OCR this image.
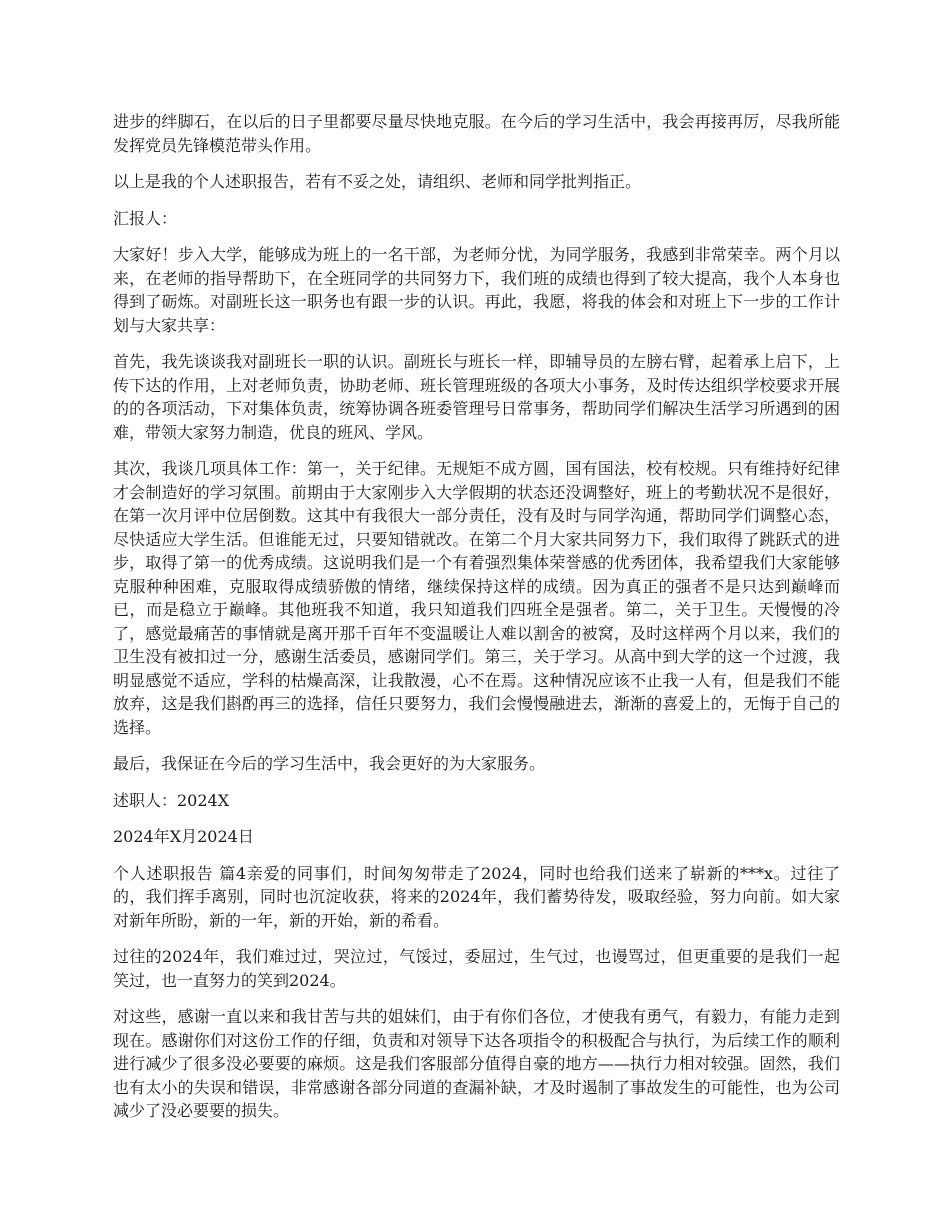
进步的绊脚石，在以后的日子里都要尽量尽快地克服。在今后的学习生活中，我会再接再厉，尽我所能发挥党员先锋模范带头作用。

以上是我的个人述职报告，若有不妥之处，请组织、老师和同学批判指正。

汇报人：

大家好！步入大学，能够成为班上的一名干部，为老师分忧，为同学服务，我感到非常荣幸。两个月以来，在老师的指导帮助下，在全班同学的共同努力下，我们班的成绩也得到了较大提高，我个人本身也得到了砺炼。对副班长这一职务也有跟一步的认识。再此，我愿，将我的体会和对班上下一步的工作计划与大家共享：

首先，我先谈谈我对副班长一职的认识。副班长与班长一样，即辅导员的左膀右臂，起着承上启下，上传下达的作用，上对老师负责，协助老师、班长管理班级的各项大小事务，及时传达组织学校要求开展的的各项活动，下对集体负责，统筹协调各班委管理号日常事务，帮助同学们解决生活学习所遇到的困难，带领大家努力制造，优良的班风、学风。

其次，我谈几项具体工作：第一，关于纪律。无规矩不成方圆，国有国法，校有校规。只有维持好纪律才会制造好的学习氛围。前期由于大家刚步入大学假期的状态还没调整好，班上的考勤状况不是很好，在第一次月评中位居倒数。这其中有我很大一部分责任，没有及时与同学沟通，帮助同学们调整心态，尽快适应大学生活。但谁能无过，只要知错就改。在第二个月大家共同努力下，我们取得了跳跃式的进步，取得了第一的优秀成绩。这说明我们是一个有着强烈集体荣誉感的优秀团体，我希望我们大家能够克服种种困难，克服取得成绩骄傲的情绪，继续保持这样的成绩。因为真正的强者不是只达到巅峰而已，而是稳立于巅峰。其他班我不知道，我只知道我们四班全是强者。第二，关于卫生。天慢慢的冷了，感觉最痛苦的事情就是离开那千百年不变温暖让人难以割舍的被窝，及时这样两个月以来，我们的卫生没有被扣过一分，感谢生活委员，感谢同学们。第三，关于学习。从高中到大学的这一个过渡，我明显感觉不适应，学科的枯燥高深，让我散漫，心不在焉。这种情况应该不止我一人有，但是我们不能放弃，这是我们斟酌再三的选择，信任只要努力，我们会慢慢融进去，渐渐的喜爱上的，无悔于自己的选择。

最后，我保证在今后的学习生活中，我会更好的为大家服务。

述职人：2024X

2024年X月2024日

个人述职报告 篇4亲爱的同事们，时间匆匆带走了2024，同时也给我们送来了崭新的***x。过往了的，我们挥手离别，同时也沉淀收获，将来的2024年，我们蓄势待发，吸取经验，努力向前。如大家对新年所盼，新的一年，新的开始，新的希看。

过往的2024年，我们难过过，哭泣过，气馁过，委屈过，生气过，也谩骂过，但更重要的是我们一起笑过，也一直努力的笑到2024。

对这些，感谢一直以来和我甘苦与共的姐妹们，由于有你们各位，才使我有勇气，有毅力，有能力走到现在。感谢你们对这份工作的仔细，负责和对领导下达各项指令的积极配合与执行，为后续工作的顺利进行减少了很多没必要要的麻烦。这是我们客服部分值得自豪的地方——执行力相对较强。固然，我们也有太小的失误和错误，非常感谢各部分同道的查漏补缺，才及时遏制了事故发生的可能性，也为公司减少了没必要要的损失。
